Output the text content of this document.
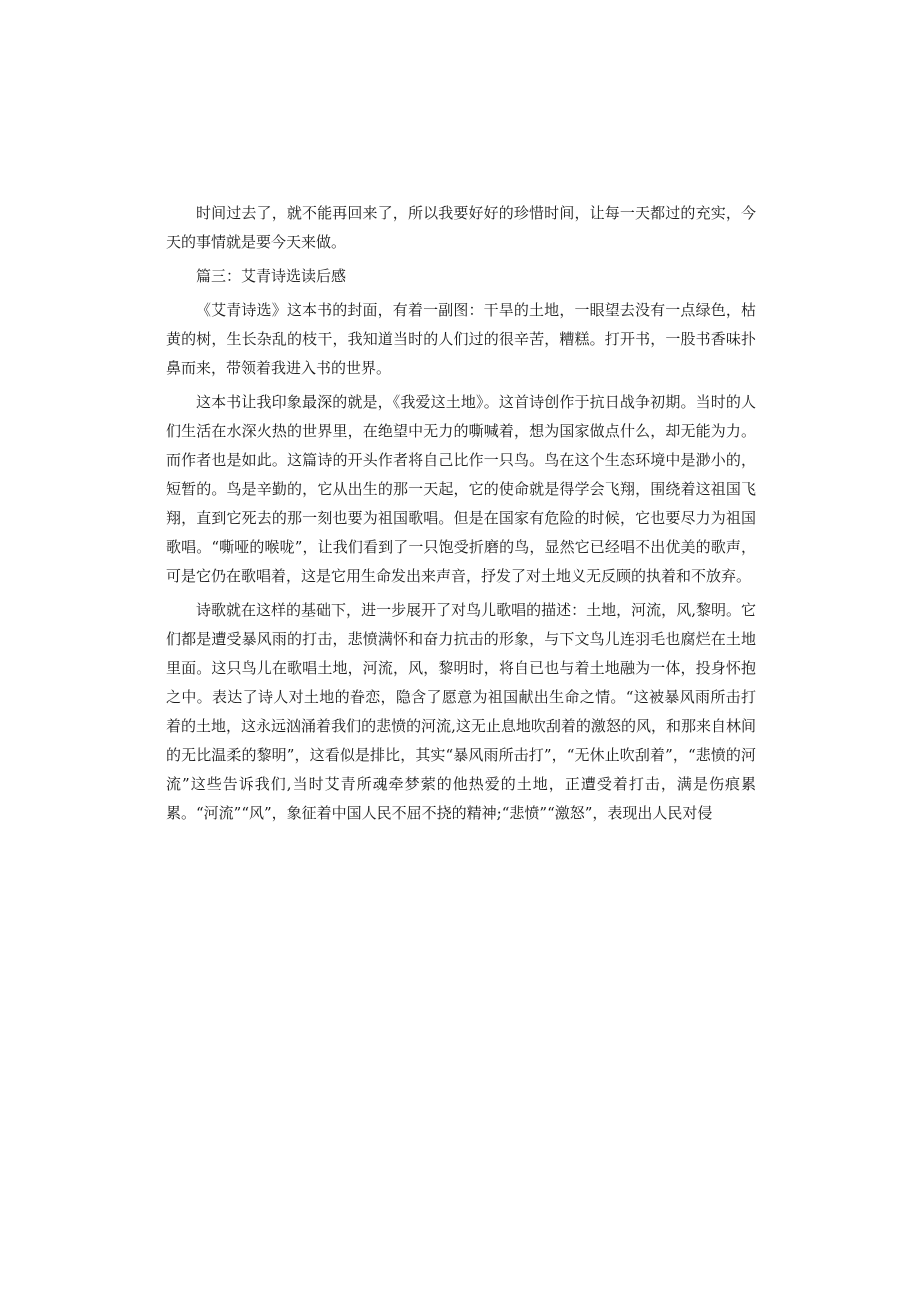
时间过去了，就不能再回来了，所以我要好好的珍惜时间，让每一天都过的充实，今天的事情就是要今天来做。

篇三：艾青诗选读后感

《艾青诗选》这本书的封面，有着一副图：干旱的土地，一眼望去没有一点绿色，枯黄的树，生长杂乱的枝干，我知道当时的人们过的很辛苦，糟糕。打开书，一股书香味扑鼻而来，带领着我进入书的世界。

这本书让我印象最深的就是，《我爱这土地》。这首诗创作于抗日战争初期。当时的人们生活在水深火热的世界里，在绝望中无力的嘶喊着，想为国家做点什么，却无能为力。而作者也是如此。这篇诗的开头作者将自己比作一只鸟。鸟在这个生态环境中是渺小的，短暂的。鸟是辛勤的，它从出生的那一天起，它的使命就是得学会飞翔，围绕着这祖国飞翔，直到它死去的那一刻也要为祖国歌唱。但是在国家有危险的时候，它也要尽力为祖国歌唱。“嘶哑的喉咙”，让我们看到了一只饱受折磨的鸟，显然它已经唱不出优美的歌声，可是它仍在歌唱着，这是它用生命发出来声音，抒发了对土地义无反顾的执着和不放弃。

诗歌就在这样的基础下，进一步展开了对鸟儿歌唱的描述：土地，河流，风,黎明。它们都是遭受暴风雨的打击，悲愤满怀和奋力抗击的形象，与下文鸟儿连羽毛也腐烂在土地里面。这只鸟儿在歌唱土地，河流，风，黎明时，将自已也与着土地融为一体，投身怀抱之中。表达了诗人对土地的眷恋，隐含了愿意为祖国献出生命之情。“这被暴风雨所击打着的土地，这永远汹涌着我们的悲愤的河流,这无止息地吹刮着的激怒的风，和那来自林间的无比温柔的黎明”，这看似是排比，其实“暴风雨所击打”，“无休止吹刮着”，“悲愤的河流”这些告诉我们,当时艾青所魂牵梦萦的他热爱的土地，正遭受着打击，满是伤痕累累。“河流”“风”，象征着中国人民不屈不挠的精神;“悲愤”“激怒”，表现出人民对侵
